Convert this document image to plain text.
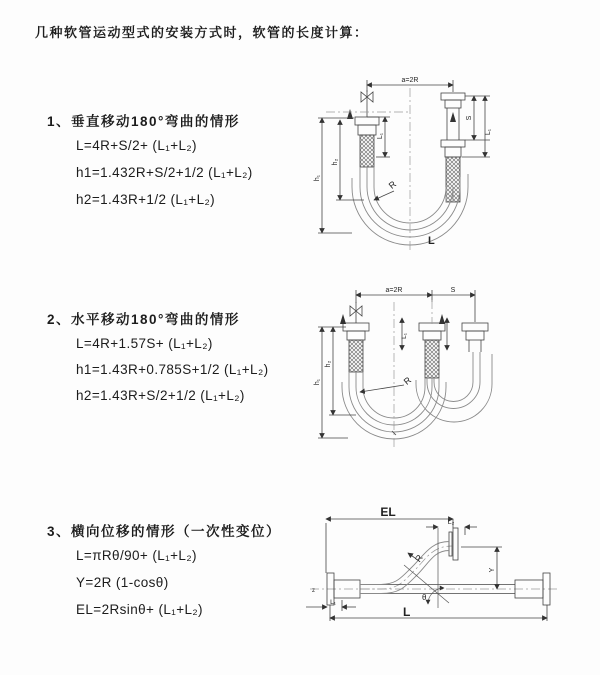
几种软管运动型式的安装方式时，软管的长度计算：
1、垂直移动180°弯曲的情形
L=4R+S/2+ (L₁+L₂)
h1=1.432R+S/2+1/2 (L₁+L₂)
h2=1.43R+1/2 (L₁+L₂)
2、水平移动180°弯曲的情形
L=4R+1.57S+ (L₁+L₂)
h1=1.43R+0.785S+1/2 (L₁+L₂)
h2=1.43R+S/2+1/2 (L₁+L₂)
3、横向位移的情形（一次性变位）
L=πRθ/90+ (L₁+L₂)
Y=2R (1-cosθ)
EL=2Rsinθ+ (L₁+L₂)
a=2R
h₁
h₂
L₁
S
L₁
R
L
a=2R	S
h₁
h₂
L₁
R
EL
L₂
L₁
R
θ
Y
L
z
